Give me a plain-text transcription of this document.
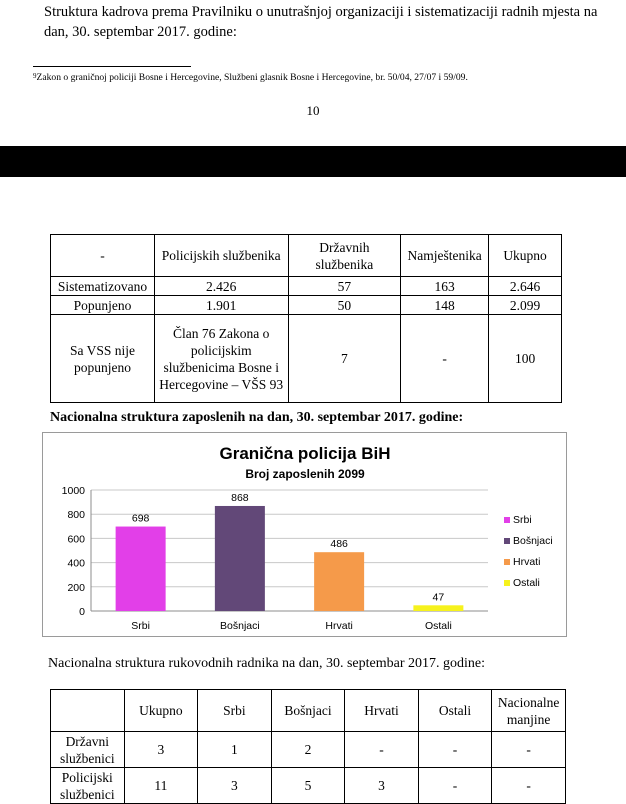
Struktura kadrova prema Pravilniku o unutrašnjoj organizaciji i sistematizaciji radnih mjesta na dan, 30. septembar 2017. godine:
$^9$Zakon o graničnoj policiji Bosne i Hercegovine, Službeni glasnik Bosne i Hercegovine, br. 50/04, 27/07 i 59/09.
10
-	Policijskih službenika	Državnih službenika	Namještenika	Ukupno
Sistematizovano	2.426	57	163	2.646
Popunjeno	1.901	50	148	2.099
Sa VSS nije popunjeno	Član 76 Zakona o policijskim službenicima Bosne i Hercegovine – VŠS 93	7	-	100
Nacionalna struktura zaposlenih na dan, 30. septembar 2017. godine:
Granična policija BiH
Broj zaposlenih 2099
0
200
400
600
800
1000
698
Srbi
868
Bošnjaci
486
Hrvati
47
Ostali
Srbi
Bošnjaci
Hrvati
Ostali
Nacionalna struktura rukovodnih radnika na dan, 30. septembar 2017. godine:
	Ukupno	Srbi	Bošnjaci	Hrvati	Ostali	Nacionalne manjine
Državni službenici	3	1	2	-	-	-
Policijski službenici	11	3	5	3	-	-
